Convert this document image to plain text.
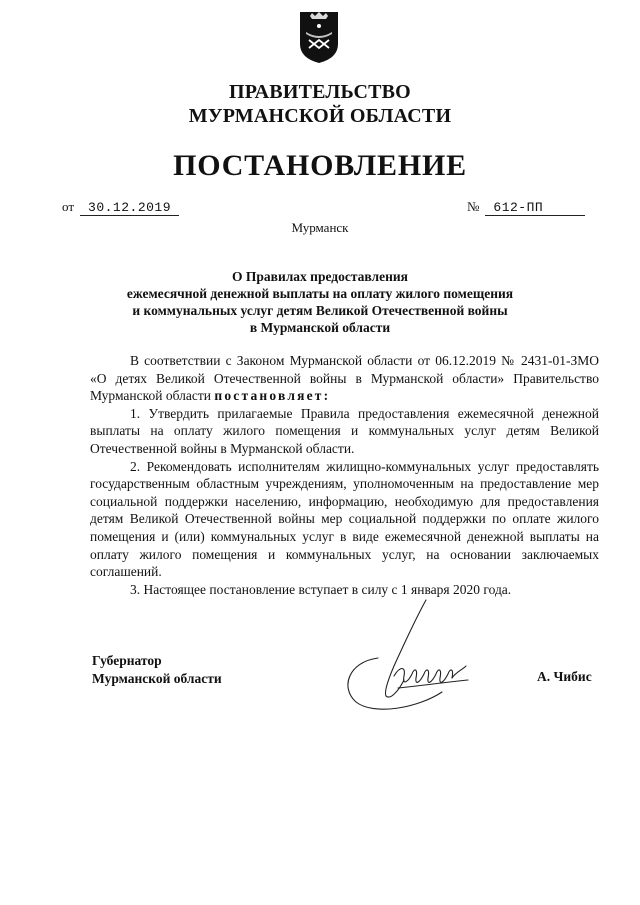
ПРАВИТЕЛЬСТВО
МУРМАНСКОЙ ОБЛАСТИ
ПОСТАНОВЛЕНИЕ
от 30.12.2019	№ 612-ПП
Мурманск
О Правилах предоставления
ежемесячной денежной выплаты на оплату жилого помещения
и коммунальных услуг детям Великой Отечественной войны
в Мурманской области

В соответствии с Законом Мурманской области от 06.12.2019 № 2431-01-ЗМО «О детях Великой Отечественной войны в Мурманской области» Правительство Мурманской области постановляет:

1. Утвердить прилагаемые Правила предоставления ежемесячной денежной выплаты на оплату жилого помещения и коммунальных услуг детям Великой Отечественной войны в Мурманской области.

2. Рекомендовать исполнителям жилищно-коммунальных услуг предоставлять государственным областным учреждениям, уполномоченным на предоставление мер социальной поддержки населению, информацию, необходимую для предоставления детям Великой Отечественной войны мер социальной поддержки по оплате жилого помещения и (или) коммунальных услуг в виде ежемесячной денежной выплаты на оплату жилого помещения и коммунальных услуг, на основании заключаемых соглашений.

3. Настоящее постановление вступает в силу с 1 января 2020 года.

Губернатор
Мурманской области	А. Чибис
